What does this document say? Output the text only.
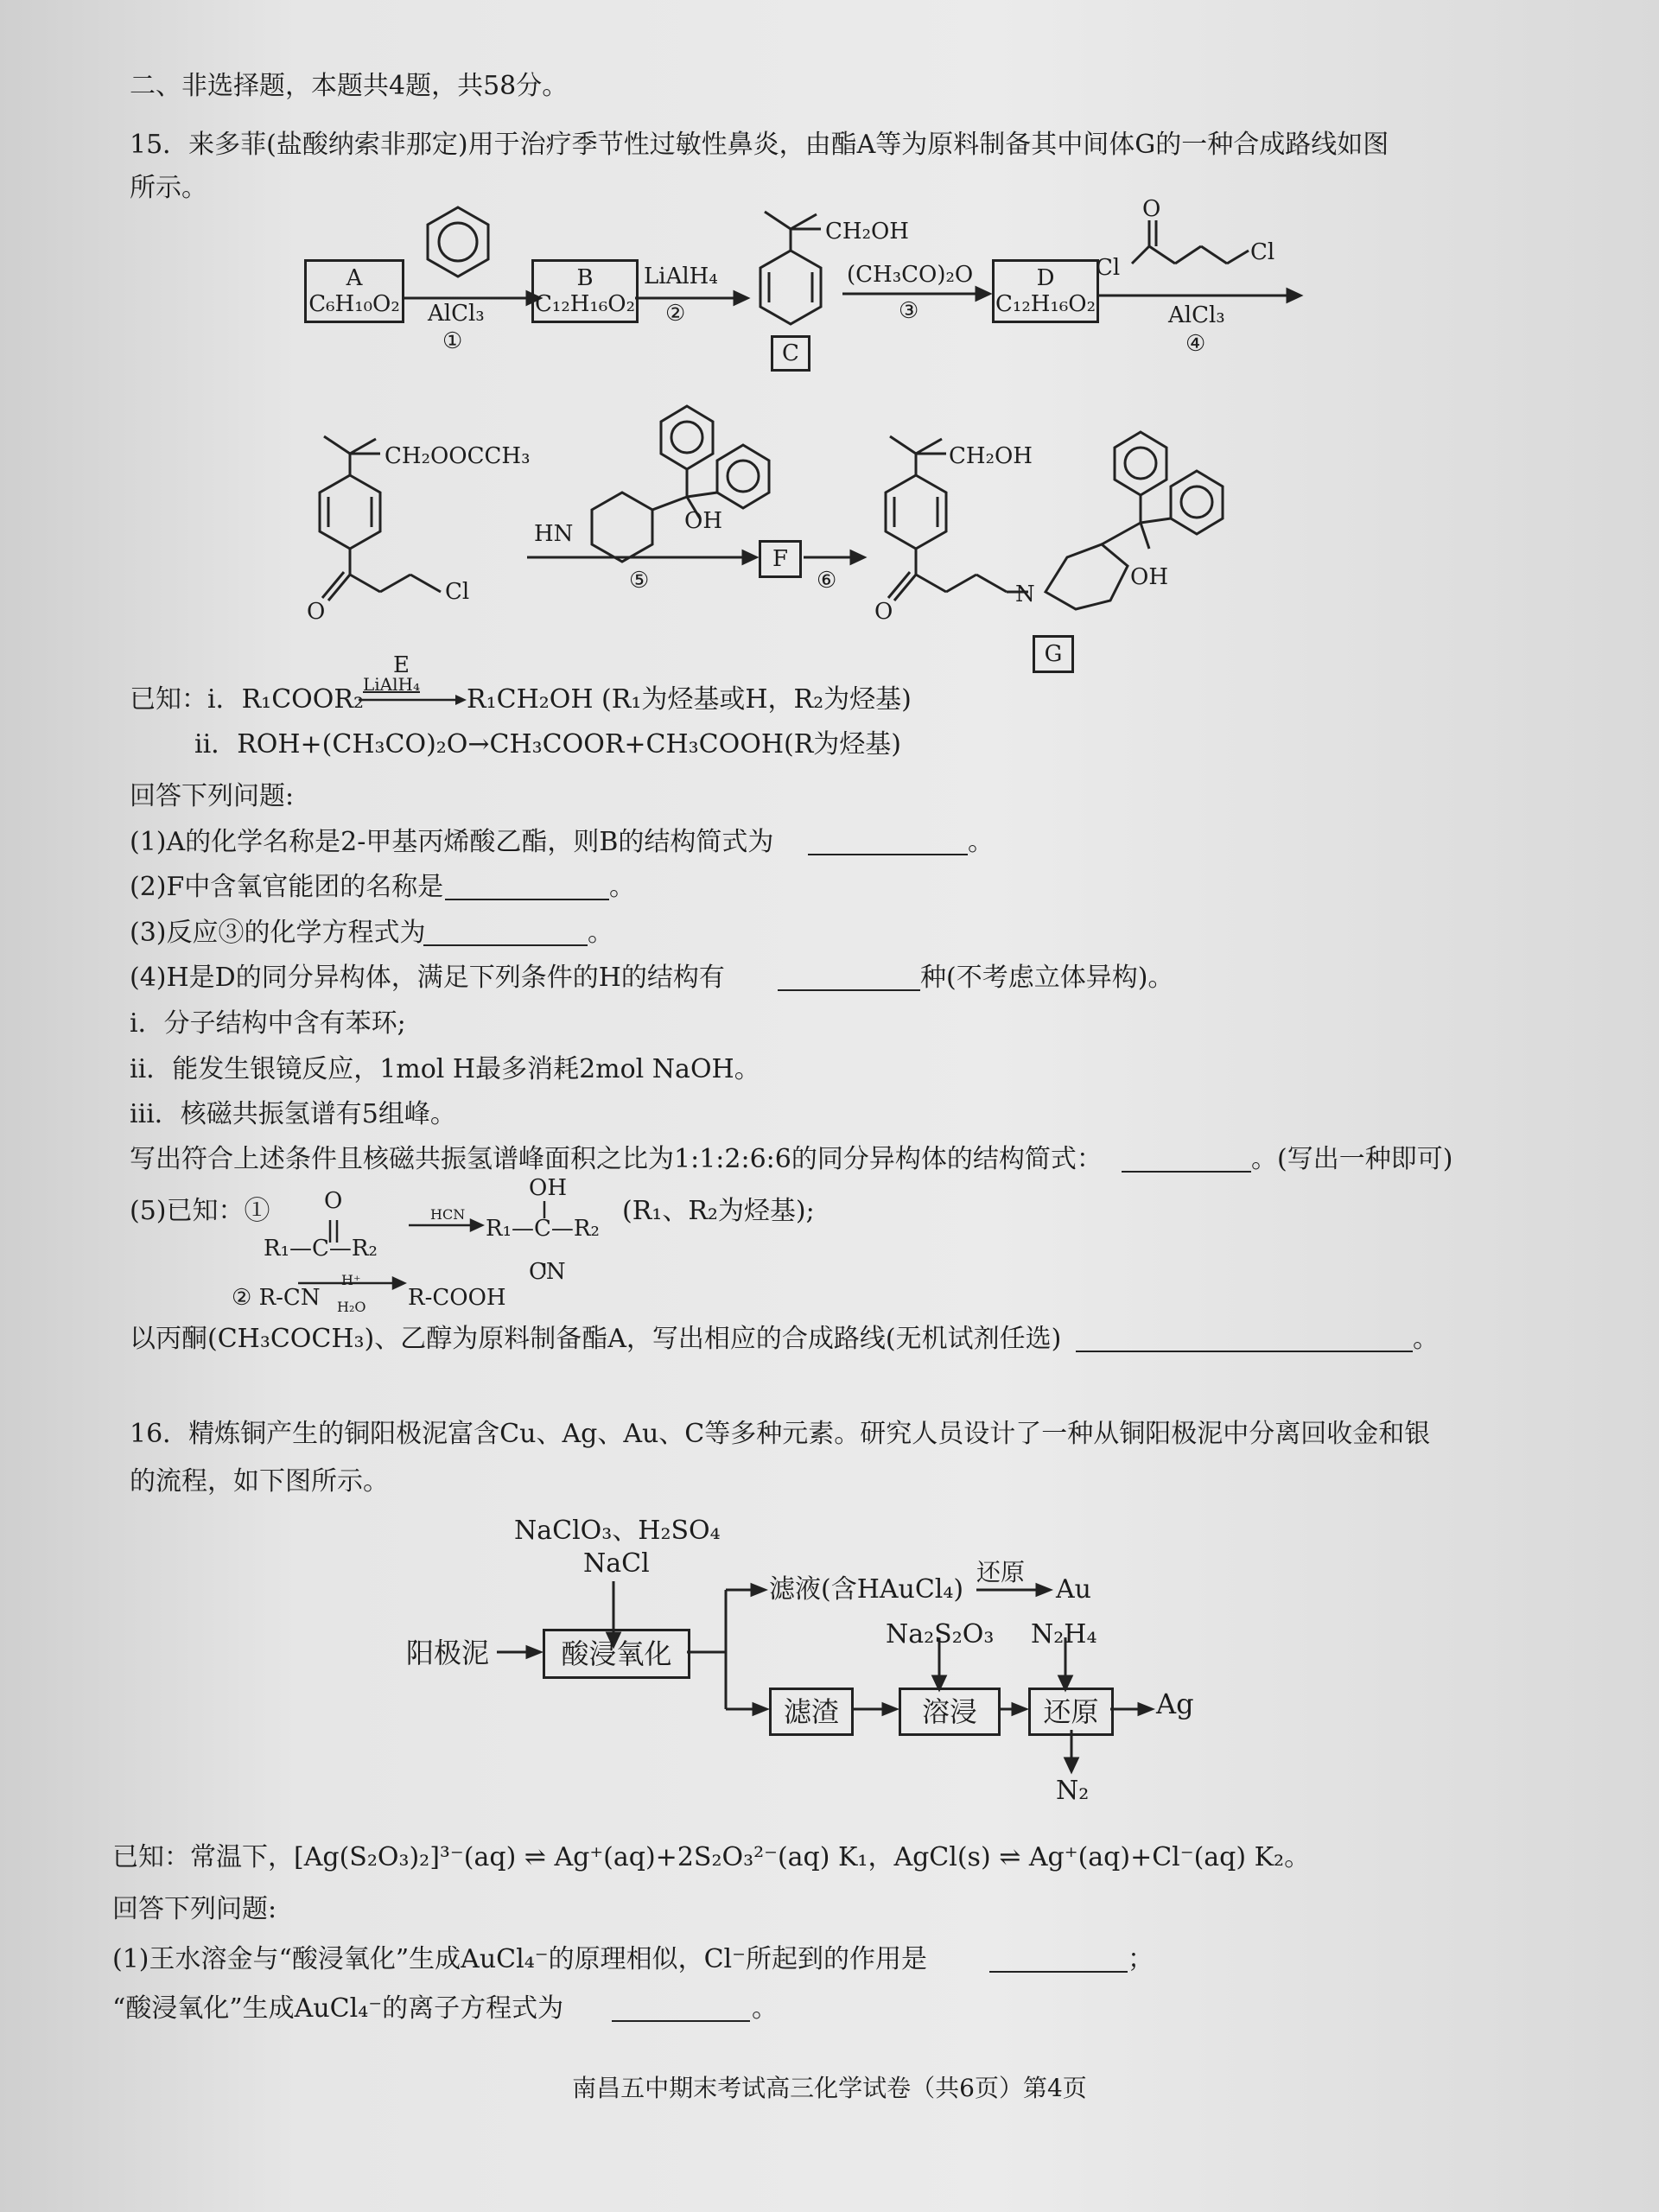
二、非选择题，本题共4题，共58分。
15．来多菲(盐酸纳索非那定)用于治疗季节性过敏性鼻炎，由酯A等为原料制备其中间体G的一种合成路线如图
所示。
O
Cl
Cl
A
C₆H₁₀O₂ AlCl₃
①
B
C₁₂H₁₆O₂
LiAlH₄
②
CH₂OH
C
(CH₃CO)₂O
③
D
C₁₂H₁₆O₂	AlCl₃
④
CH₂OOCCH₃
O
Cl
HN	OH
⑤
F
⑥
CH₂OH
O
N
OH
G
E
已知：i．R₁COOR₂ LiAlH₄ R₁CH₂OH (R₁为烃基或H，R₂为烃基)
ii．ROH+(CH₃CO)₂O→CH₃COOR+CH₃COOH(R为烃基)
回答下列问题:
(1)A的化学名称是2-甲基丙烯酸乙酯，则B的结构简式为	。
(2)F中含氧官能团的名称是	。
(3)反应③的化学方程式为	。
(4)H是D的同分异构体，满足下列条件的H的结构有	种(不考虑立体异构)。
i．分子结构中含有苯环;
ii．能发生银镜反应，1mol H最多消耗2mol NaOH。
iii．核磁共振氢谱有5组峰。
写出符合上述条件且核磁共振氢谱峰面积之比为1:1:2:6:6的同分异构体的结构简式：	。(写出一种即可)
(5)已知：① O
R₁—C—R₂
HCN
OH
R₁—C—R₂
CN
(R₁、R₂为烃基);
② R-CN
H⁺
H₂O R-COOH
以丙酮(CH₃COCH₃)、乙醇为原料制备酯A，写出相应的合成路线(无机试剂任选)	。
16．精炼铜产生的铜阳极泥富含Cu、Ag、Au、C等多种元素。研究人员设计了一种从铜阳极泥中分离回收金和银
的流程，如下图所示。
NaClO₃、H₂SO₄
NaCl
阳极泥	酸浸氧化
滤液(含HAuCl₄)
还原
Au
滤渣
Na₂S₂O₃
溶浸
N₂H₄
还原 Ag
N₂
已知：常温下，[Ag(S₂O₃)₂]³⁻(aq) ⇌ Ag⁺(aq)+2S₂O₃²⁻(aq) K₁，AgCl(s) ⇌ Ag⁺(aq)+Cl⁻(aq) K₂。
回答下列问题:
(1)王水溶金与“酸浸氧化”生成AuCl₄⁻的原理相似，Cl⁻所起到的作用是	；
“酸浸氧化”生成AuCl₄⁻的离子方程式为	。
南昌五中期末考试高三化学试卷（共6页）第4页
